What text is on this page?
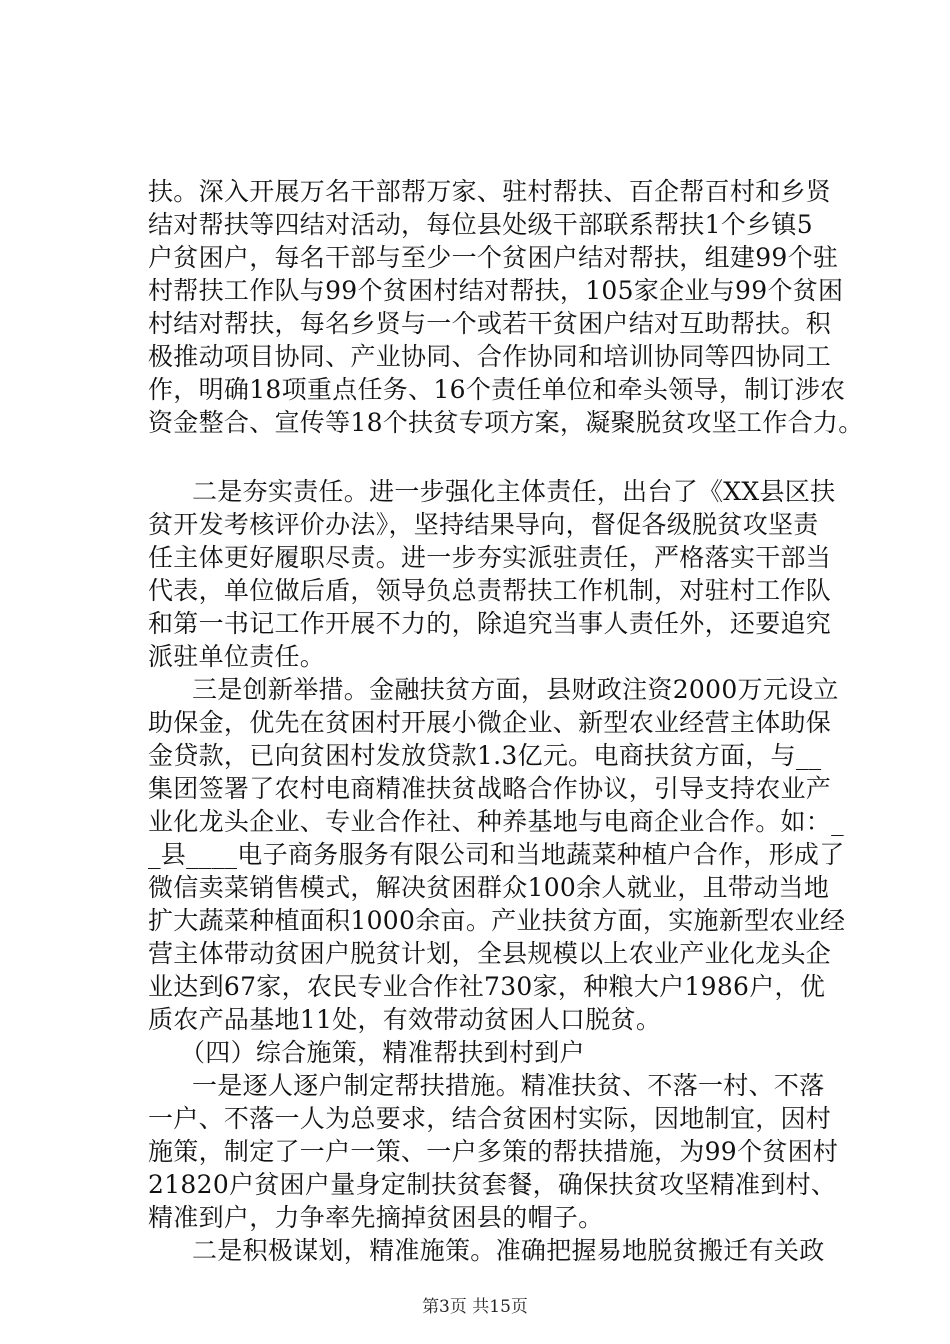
扶。深入开展万名干部帮万家、驻村帮扶、百企帮百村和乡贤
结对帮扶等四结对活动，每位县处级干部联系帮扶1个乡镇5
户贫困户，每名干部与至少一个贫困户结对帮扶，组建99个驻
村帮扶工作队与99个贫困村结对帮扶，105家企业与99个贫困
村结对帮扶，每名乡贤与一个或若干贫困户结对互助帮扶。积
极推动项目协同、产业协同、合作协同和培训协同等四协同工
作，明确18项重点任务、16个责任单位和牵头领导，制订涉农
资金整合、宣传等18个扶贫专项方案，凝聚脱贫攻坚工作合力。
二是夯实责任。进一步强化主体责任，出台了《XX县区扶
贫开发考核评价办法》，坚持结果导向，督促各级脱贫攻坚责
任主体更好履职尽责。进一步夯实派驻责任，严格落实干部当
代表，单位做后盾，领导负总责帮扶工作机制，对驻村工作队
和第一书记工作开展不力的，除追究当事人责任外，还要追究
派驻单位责任。
三是创新举措。金融扶贫方面，县财政注资2000万元设立
助保金，优先在贫困村开展小微企业、新型农业经营主体助保
金贷款，已向贫困村发放贷款1.3亿元。电商扶贫方面，与__
集团签署了农村电商精准扶贫战略合作协议，引导支持农业产
业化龙头企业、专业合作社、种养基地与电商企业合作。如：_
_县____电子商务服务有限公司和当地蔬菜种植户合作，形成了
微信卖菜销售模式，解决贫困群众100余人就业，且带动当地
扩大蔬菜种植面积1000余亩。产业扶贫方面，实施新型农业经
营主体带动贫困户脱贫计划，全县规模以上农业产业化龙头企
业达到67家，农民专业合作社730家，种粮大户1986户，优
质农产品基地11处，有效带动贫困人口脱贫。
（四）综合施策，精准帮扶到村到户
一是逐人逐户制定帮扶措施。精准扶贫、不落一村、不落
一户、不落一人为总要求，结合贫困村实际，因地制宜，因村
施策，制定了一户一策、一户多策的帮扶措施，为99个贫困村
21820户贫困户量身定制扶贫套餐，确保扶贫攻坚精准到村、
精准到户，力争率先摘掉贫困县的帽子。
二是积极谋划，精准施策。准确把握易地脱贫搬迁有关政
第3页 共15页
